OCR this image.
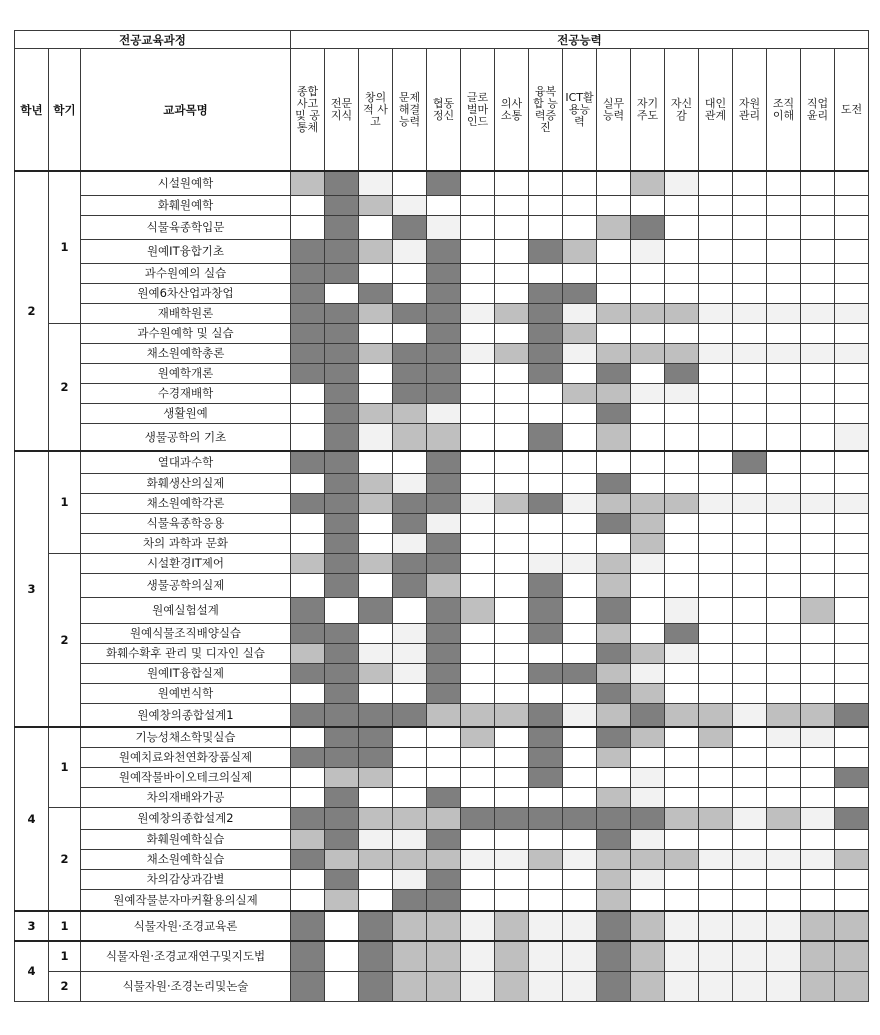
전공교육과정			전공능력																
학년	학기	교과목명	종합사고 및 공통체	전문지식	창의적 사고	문제해결능력	협동정신	글로벌마인드	의사소통	융복합 능력증진	ICT활용능력	실무능력	자기주도	자신감	대인관계	자원관리	조직이해	직업윤리	도전
2	1	시설원예학																	
		화훼원예학																	
		식물육종학입문																	
		원예IT융합기초																	
		과수원예의 실습																	
		원예6차산업과창업																	
		재배학원론																	
	2	과수원예학 및 실습																	
		채소원예학총론																	
		원예학개론																	
		수경재배학																	
		생활원예																	
		생물공학의 기초																	
3	1	열대과수학																	
		화훼생산의실제																	
		채소원예학각론																	
		식물육종학응용																	
		차의 과학과 문화																	
	2	시설환경IT제어																	
		생물공학의실제																	
		원예실험설계																	
		원예식물조직배양실습																	
		화훼수확후 관리 및 디자인 실습																	
		원예IT융합실제																	
		원예번식학																	
		원예창의종합설계1																	
4	1	기능성채소학및실습																	
		원예치료와천연화장품실제																	
		원예작물바이오테크의실제																	
		차의재배와가공																	
	2	원예창의종합설계2																	
		화훼원예학실습																	
		채소원예학실습																	
		차의감상과감별																	
		원예작물분자마커활용의실제																	
3	1	식물자원·조경교육론																	
4	1	식물자원·조경교재연구및지도법																	
	2	식물자원·조경논리및논술																	
